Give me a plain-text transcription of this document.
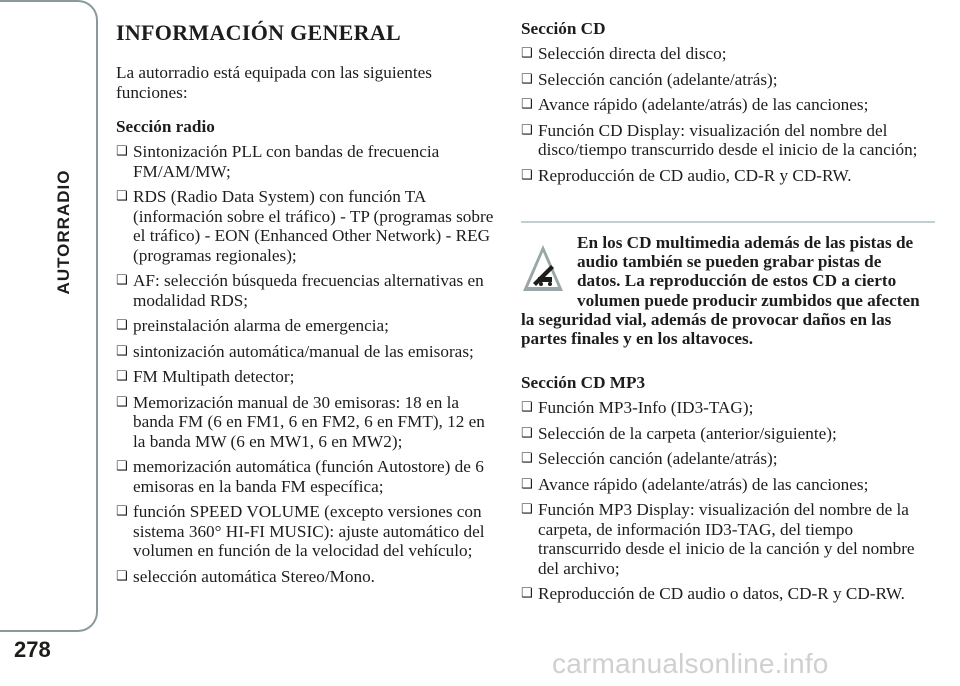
AUTORRADIO
278
INFORMACIÓN GENERAL

La autorradio está equipada con las siguientes funciones:

Sección radio
❑ Sintonización PLL con bandas de frecuencia FM/AM/MW;
❑ RDS (Radio Data System) con función TA (información sobre el tráfico) - TP (programas sobre el tráfico) - EON (Enhanced Other Network) - REG (programas regionales);
❑ AF: selección búsqueda frecuencias alternativas en modalidad RDS;
❑ preinstalación alarma de emergencia;
❑ sintonización automática/manual de las emisoras;
❑ FM Multipath detector;
❑ Memorización manual de 30 emisoras: 18 en la banda FM (6 en FM1, 6 en FM2, 6 en FMT), 12 en la banda MW (6 en MW1, 6 en MW2);
❑ memorización automática (función Autostore) de 6 emisoras en la banda FM específica;
❑ función SPEED VOLUME (excepto versiones con sistema 360° HI-FI MUSIC): ajuste automático del volumen en función de la velocidad del vehículo;
❑ selección automática Stereo/Mono.
Sección CD
❑ Selección directa del disco;
❑ Selección canción (adelante/atrás);
❑ Avance rápido (adelante/atrás) de las canciones;
❑ Función CD Display: visualización del nombre del disco/tiempo transcurrido desde el inicio de la canción;
❑ Reproducción de CD audio, CD-R y CD-RW.
En los CD multimedia además de las pistas de audio también se pueden grabar pistas de datos. La reproducción de estos CD a cierto volumen puede producir zumbidos que afecten la seguridad vial, además de provocar daños en las partes finales y en los altavoces.
Sección CD MP3
❑ Función MP3-Info (ID3-TAG);
❑ Selección de la carpeta (anterior/siguiente);
❑ Selección canción (adelante/atrás);
❑ Avance rápido (adelante/atrás) de las canciones;
❑ Función MP3 Display: visualización del nombre de la carpeta, de información ID3-TAG, del tiempo transcurrido desde el inicio de la canción y del nombre del archivo;
❑ Reproducción de CD audio o datos, CD-R y CD-RW.
carmanualsonline.info
